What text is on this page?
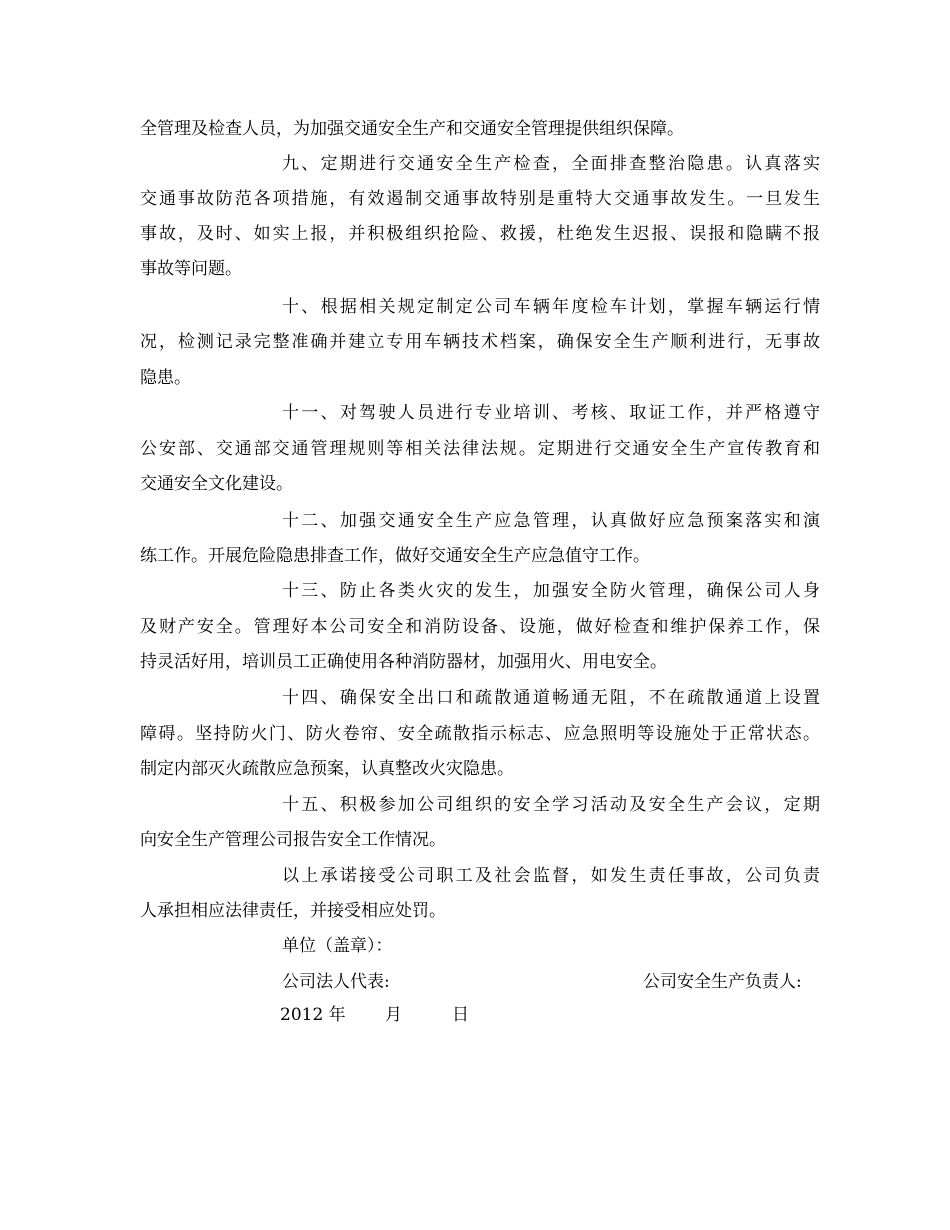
全管理及检查人员，为加强交通安全生产和交通安全管理提供组织保障。
九、定期进行交通安全生产检查，全面排查整治隐患。认真落实
交通事故防范各项措施，有效遏制交通事故特别是重特大交通事故发生。一旦发生
事故，及时、如实上报，并积极组织抢险、救援，杜绝发生迟报、误报和隐瞒不报
事故等问题。
十、根据相关规定制定公司车辆年度检车计划，掌握车辆运行情
况，检测记录完整准确并建立专用车辆技术档案，确保安全生产顺利进行，无事故
隐患。
十一、对驾驶人员进行专业培训、考核、取证工作，并严格遵守
公安部、交通部交通管理规则等相关法律法规。定期进行交通安全生产宣传教育和
交通安全文化建设。
十二、加强交通安全生产应急管理，认真做好应急预案落实和演
练工作。开展危险隐患排查工作，做好交通安全生产应急值守工作。
十三、防止各类火灾的发生，加强安全防火管理，确保公司人身
及财产安全。管理好本公司安全和消防设备、设施，做好检查和维护保养工作，保
持灵活好用，培训员工正确使用各种消防器材，加强用火、用电安全。
十四、确保安全出口和疏散通道畅通无阻，不在疏散通道上设置
障碍。坚持防火门、防火卷帘、安全疏散指示标志、应急照明等设施处于正常状态。
制定内部灭火疏散应急预案，认真整改火灾隐患。
十五、积极参加公司组织的安全学习活动及安全生产会议，定期
向安全生产管理公司报告安全工作情况。
以上承诺接受公司职工及社会监督，如发生责任事故，公司负责
人承担相应法律责任，并接受相应处罚。
单位（盖章）：
公司法人代表:	公司安全生产负责人:
2012 年 月	日
